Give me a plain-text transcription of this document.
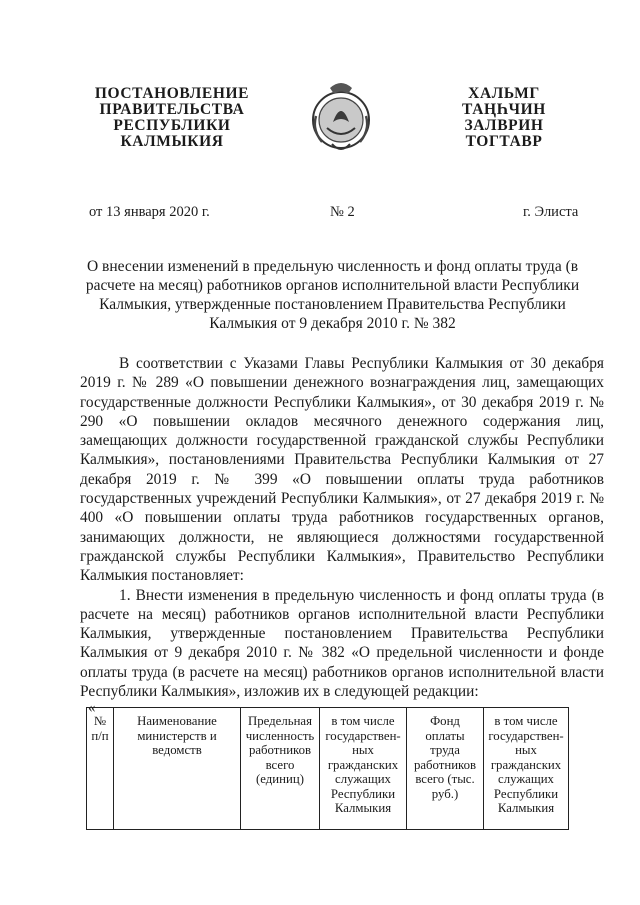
ПОСТАНОВЛЕНИЕ
ПРАВИТЕЛЬСТВА
РЕСПУБЛИКИ
КАЛМЫКИЯ
ХАЛЬМГ
ТАҢҺЧИН
ЗАЛВРИН
ТОГТАВР
от 13 января 2020 г.	№ 2	г. Элиста
О внесении изменений в предельную численность и фонд оплаты труда (в расчете на месяц) работников органов исполнительной власти Республики Калмыкия, утвержденные постановлением Правительства Республики Калмыкия от 9 декабря 2010 г. № 382

В соответствии с Указами Главы Республики Калмыкия от 30 декабря 2019 г. № 289 «О повышении денежного вознаграждения лиц, замещающих государственные должности Республики Калмыкия», от 30 декабря 2019 г. № 290 «О повышении окладов месячного денежного содержания лиц, замещающих должности государственной гражданской службы Республики Калмыкия», постановлениями Правительства Республики Калмыкия от 27 декабря 2019 г. № 399 «О повышении оплаты труда работников государственных учреждений Республики Калмыкия», от 27 декабря 2019 г. № 400 «О повышении оплаты труда работников государственных органов, занимающих должности, не являющиеся должностями государственной гражданской службы Республики Калмыкия», Правительство Республики Калмыкия постановляет:

1. Внести изменения в предельную численность и фонд оплаты труда (в расчете на месяц) работников органов исполнительной власти Республики Калмыкия, утвержденные постановлением Правительства Республики Калмыкия от 9 декабря 2010 г. № 382 «О предельной численности и фонде оплаты труда (в расчете на месяц) работников органов исполнительной власти Республики Калмыкия», изложив их в следующей редакции:

«
№ п/п	Наименование министерств и ведомств	Предельная численность работников всего (единиц)	в том числе государствен-ных гражданских служащих Республики Калмыкия	Фонд оплаты труда работников всего (тыс. руб.)	в том числе государствен-ных гражданских служащих Республики Калмыкия
